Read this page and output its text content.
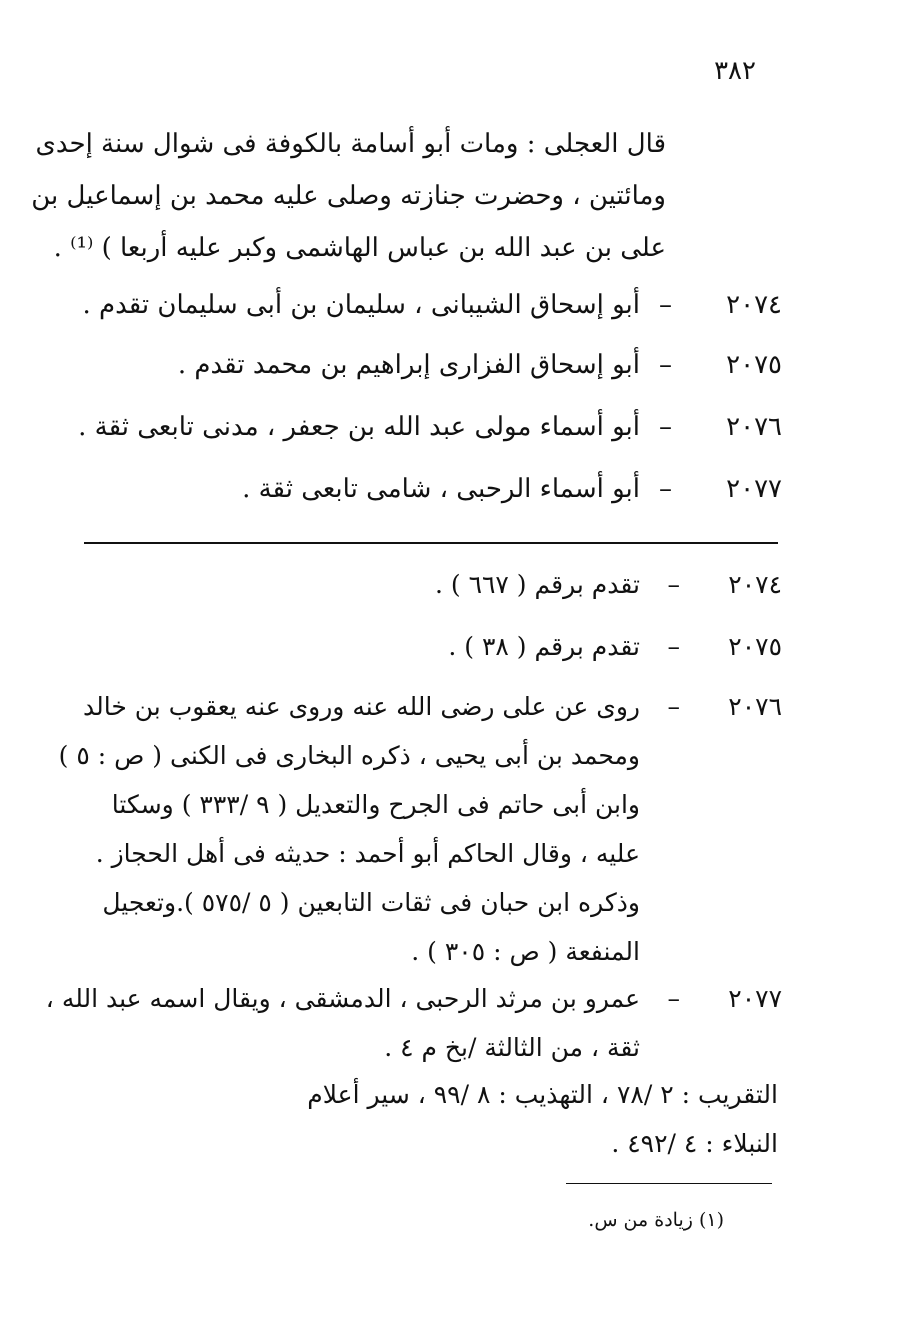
٣٨٢
قال العجلى : ومات أبو أسامة بالكوفة فى شوال سنة إحدى
ومائتين ، وحضرت جنازته وصلى عليه محمد بن إسماعيل بن
على بن عبد الله بن عباس الهاشمى وكبر عليه أربعا ) ⁽¹⁾ .
٢٠٧٤
–
أبو إسحاق الشيبانى ، سليمان بن أبى سليمان تقدم .
٢٠٧٥
–
أبو إسحاق الفزارى إبراهيم بن محمد تقدم .
٢٠٧٦
–
أبو أسماء مولى عبد الله بن جعفر ، مدنى تابعى ثقة .
٢٠٧٧
–
أبو أسماء الرحبى ، شامى تابعى ثقة .
٢٠٧٤
–
تقدم برقم ( ٦٦٧ ) .
٢٠٧٥
–
تقدم برقم ( ٣٨ ) .
٢٠٧٦
–
روى عن على رضى الله عنه وروى عنه يعقوب بن خالد
ومحمد بن أبى يحيى ، ذكره البخارى فى الكنى ( ص : ٥ )
وابن أبى حاتم فى الجرح والتعديل ( ٩ /٣٣٣ ) وسكتا
عليه ، وقال الحاكم أبو أحمد : حديثه فى أهل الحجاز .
وذكره ابن حبان فى ثقات التابعين ( ٥ /٥٧٥ ).وتعجيل
المنفعة ( ص : ٣٠٥ ) .
٢٠٧٧
–
عمرو بن مرثد الرحبى ، الدمشقى ، ويقال اسمه عبد الله ،
ثقة ، من الثالثة /بخ م ٤ .
التقريب : ٢ /٧٨ ، التهذيب : ٨ /٩٩ ، سير أعلام
النبلاء : ٤ /٤٩٢ .
(١) زيادة من س.
